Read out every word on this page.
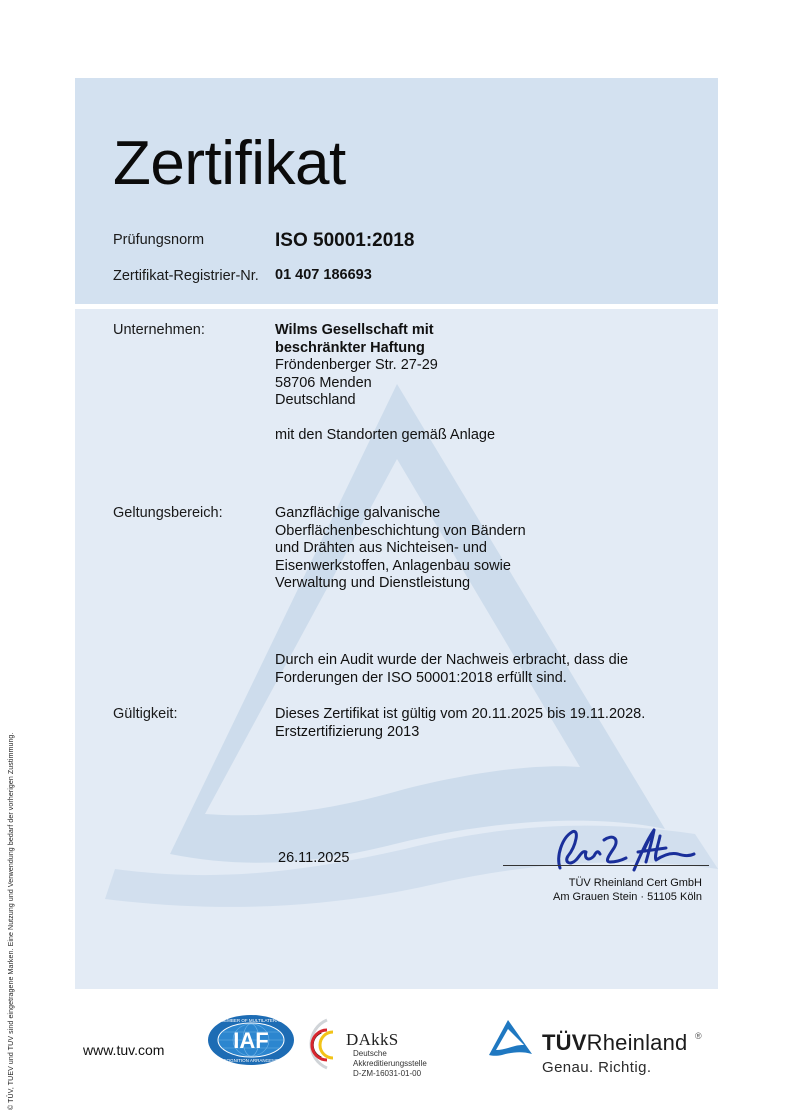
© TÜV, TUEV und TUV sind eingetragene Marken. Eine Nutzung und Verwendung bedarf der vorherigen Zustimmung.
Zertifikat
Prüfungsnorm	ISO 50001:2018
Zertifikat-Registrier-Nr. 01 407 186693
Unternehmen:	Wilms Gesellschaft mit
beschränkter Haftung
Fröndenberger Str. 27-29
58706 Menden
Deutschland
mit den Standorten gemäß Anlage
Geltungsbereich:	Ganzflächige galvanische
Oberflächenbeschichtung von Bändern
und Drähten aus Nichteisen- und
Eisenwerkstoffen, Anlagenbau sowie
Verwaltung und Dienstleistung
Durch ein Audit wurde der Nachweis erbracht, dass die
Forderungen der ISO 50001:2018 erfüllt sind.
Gültigkeit:	Dieses Zertifikat ist gültig vom 20.11.2025 bis 19.11.2028.
Erstzertifizierung 2013
26.11.2025
TÜV Rheinland Cert GmbH
Am Grauen Stein · 51105 Köln
www.tuv.com	IAF
MEMBER OF MULTILATERAL
RECOGNITION ARRANGEMENT
DAkkS
Deutsche
Akkreditierungsstelle
D-ZM-16031-01-00
TÜVRheinland ®
Genau. Richtig.
